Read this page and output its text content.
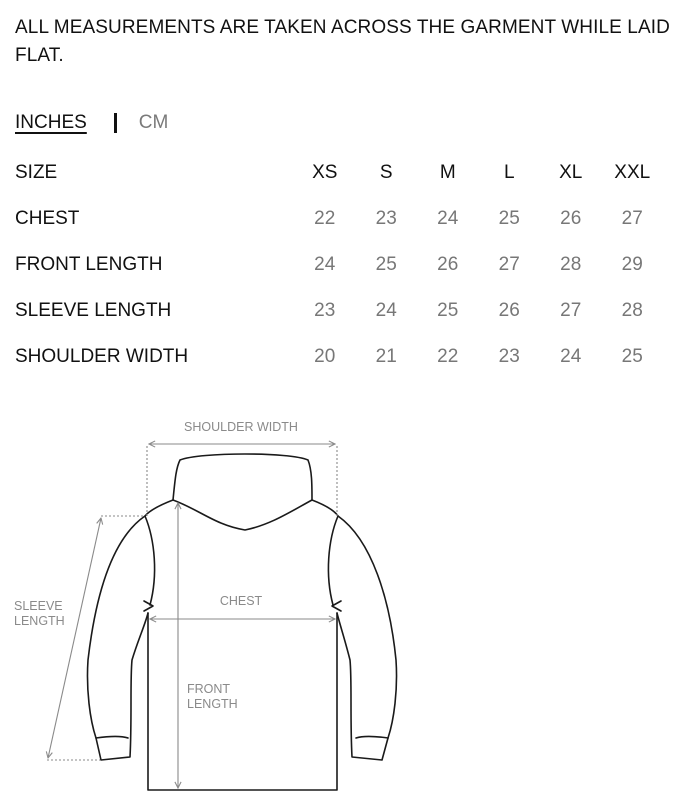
ALL MEASUREMENTS ARE TAKEN ACROSS THE GARMENT WHILE LAID FLAT.
INCHES	CM
SIZE	XS	S	M	L	XL	XXL
CHEST	22	23	24	25	26	27
FRONT LENGTH	24	25	26	27	28	29
SLEEVE LENGTH	23	24	25	26	27	28
SHOULDER WIDTH	20	21	22	23	24	25
SHOULDER WIDTH
CHEST
SLEEVE
LENGTH
FRONT
LENGTH
